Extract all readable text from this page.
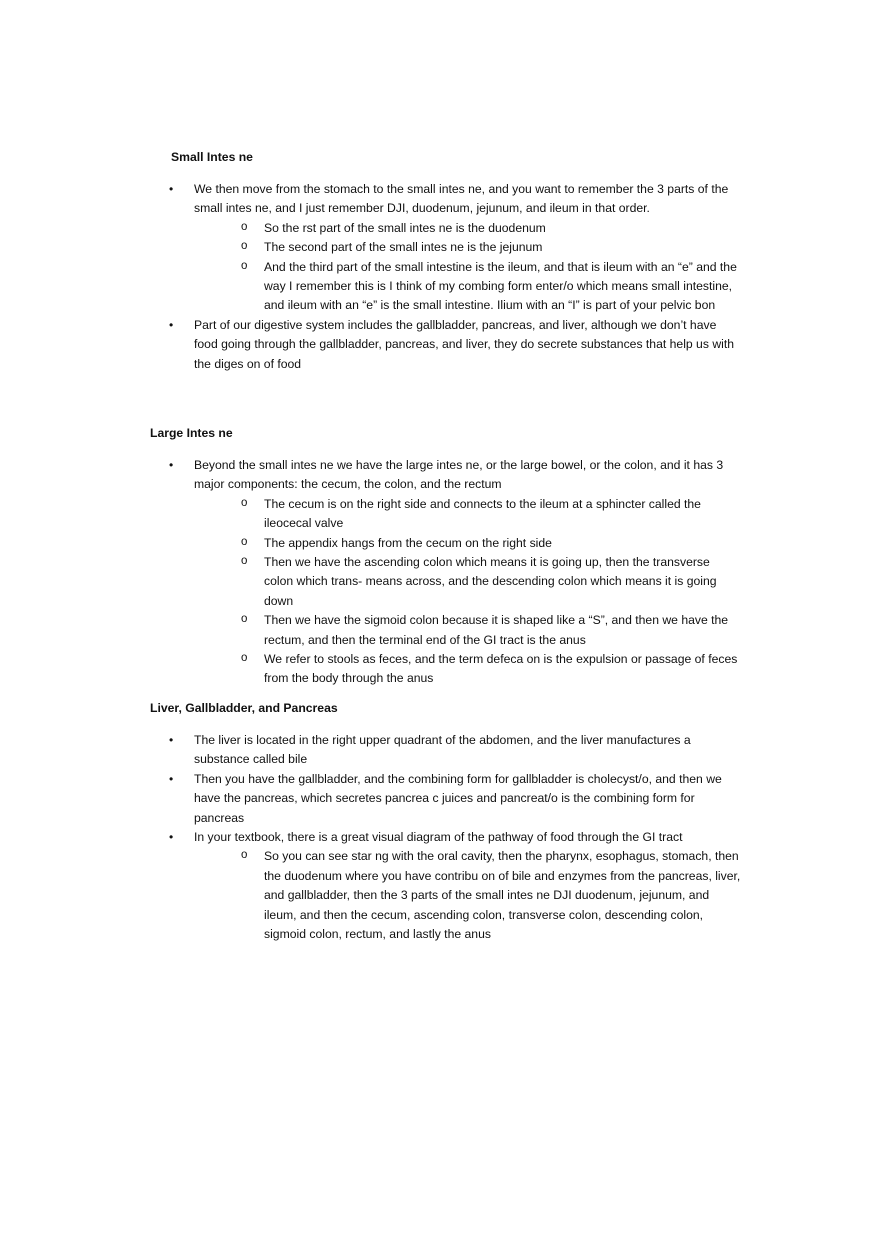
Small Intes ne
• We then move from the stomach to the small intes ne, and you want to remember the 3 parts of the small intes ne, and I just remember DJI, duodenum, jejunum, and ileum in that order.
o So the rst part of the small intes ne is the duodenum
o The second part of the small intes ne is the jejunum
o And the third part of the small intestine is the ileum, and that is ileum with an “e” and the way I remember this is I think of my combing form enter/o which means small intestine, and ileum with an “e” is the small intestine. Ilium with an “I” is part of your pelvic bon
• Part of our digestive system includes the gallbladder, pancreas, and liver, although we don’t have food going through the gallbladder, pancreas, and liver, they do secrete substances that help us with the diges on of food
Large Intes ne
• Beyond the small intes ne we have the large intes ne, or the large bowel, or the colon, and it has 3 major components: the cecum, the colon, and the rectum
o The cecum is on the right side and connects to the ileum at a sphincter called the ileocecal valve
o The appendix hangs from the cecum on the right side
o Then we have the ascending colon which means it is going up, then the transverse colon which trans- means across, and the descending colon which means it is going down
o Then we have the sigmoid colon because it is shaped like a “S”, and then we have the rectum, and then the terminal end of the GI tract is the anus
o We refer to stools as feces, and the term defeca on is the expulsion or passage of feces from the body through the anus
Liver, Gallbladder, and Pancreas
• The liver is located in the right upper quadrant of the abdomen, and the liver manufactures a substance called bile
• Then you have the gallbladder, and the combining form for gallbladder is cholecyst/o, and then we have the pancreas, which secretes pancrea c juices and pancreat/o is the combining form for pancreas
• In your textbook, there is a great visual diagram of the pathway of food through the GI tract
o So you can see star ng with the oral cavity, then the pharynx, esophagus, stomach, then the duodenum where you have contribu on of bile and enzymes from the pancreas, liver, and gallbladder, then the 3 parts of the small intes ne DJI duodenum, jejunum, and ileum, and then the cecum, ascending colon, transverse colon, descending colon, sigmoid colon, rectum, and lastly the anus
